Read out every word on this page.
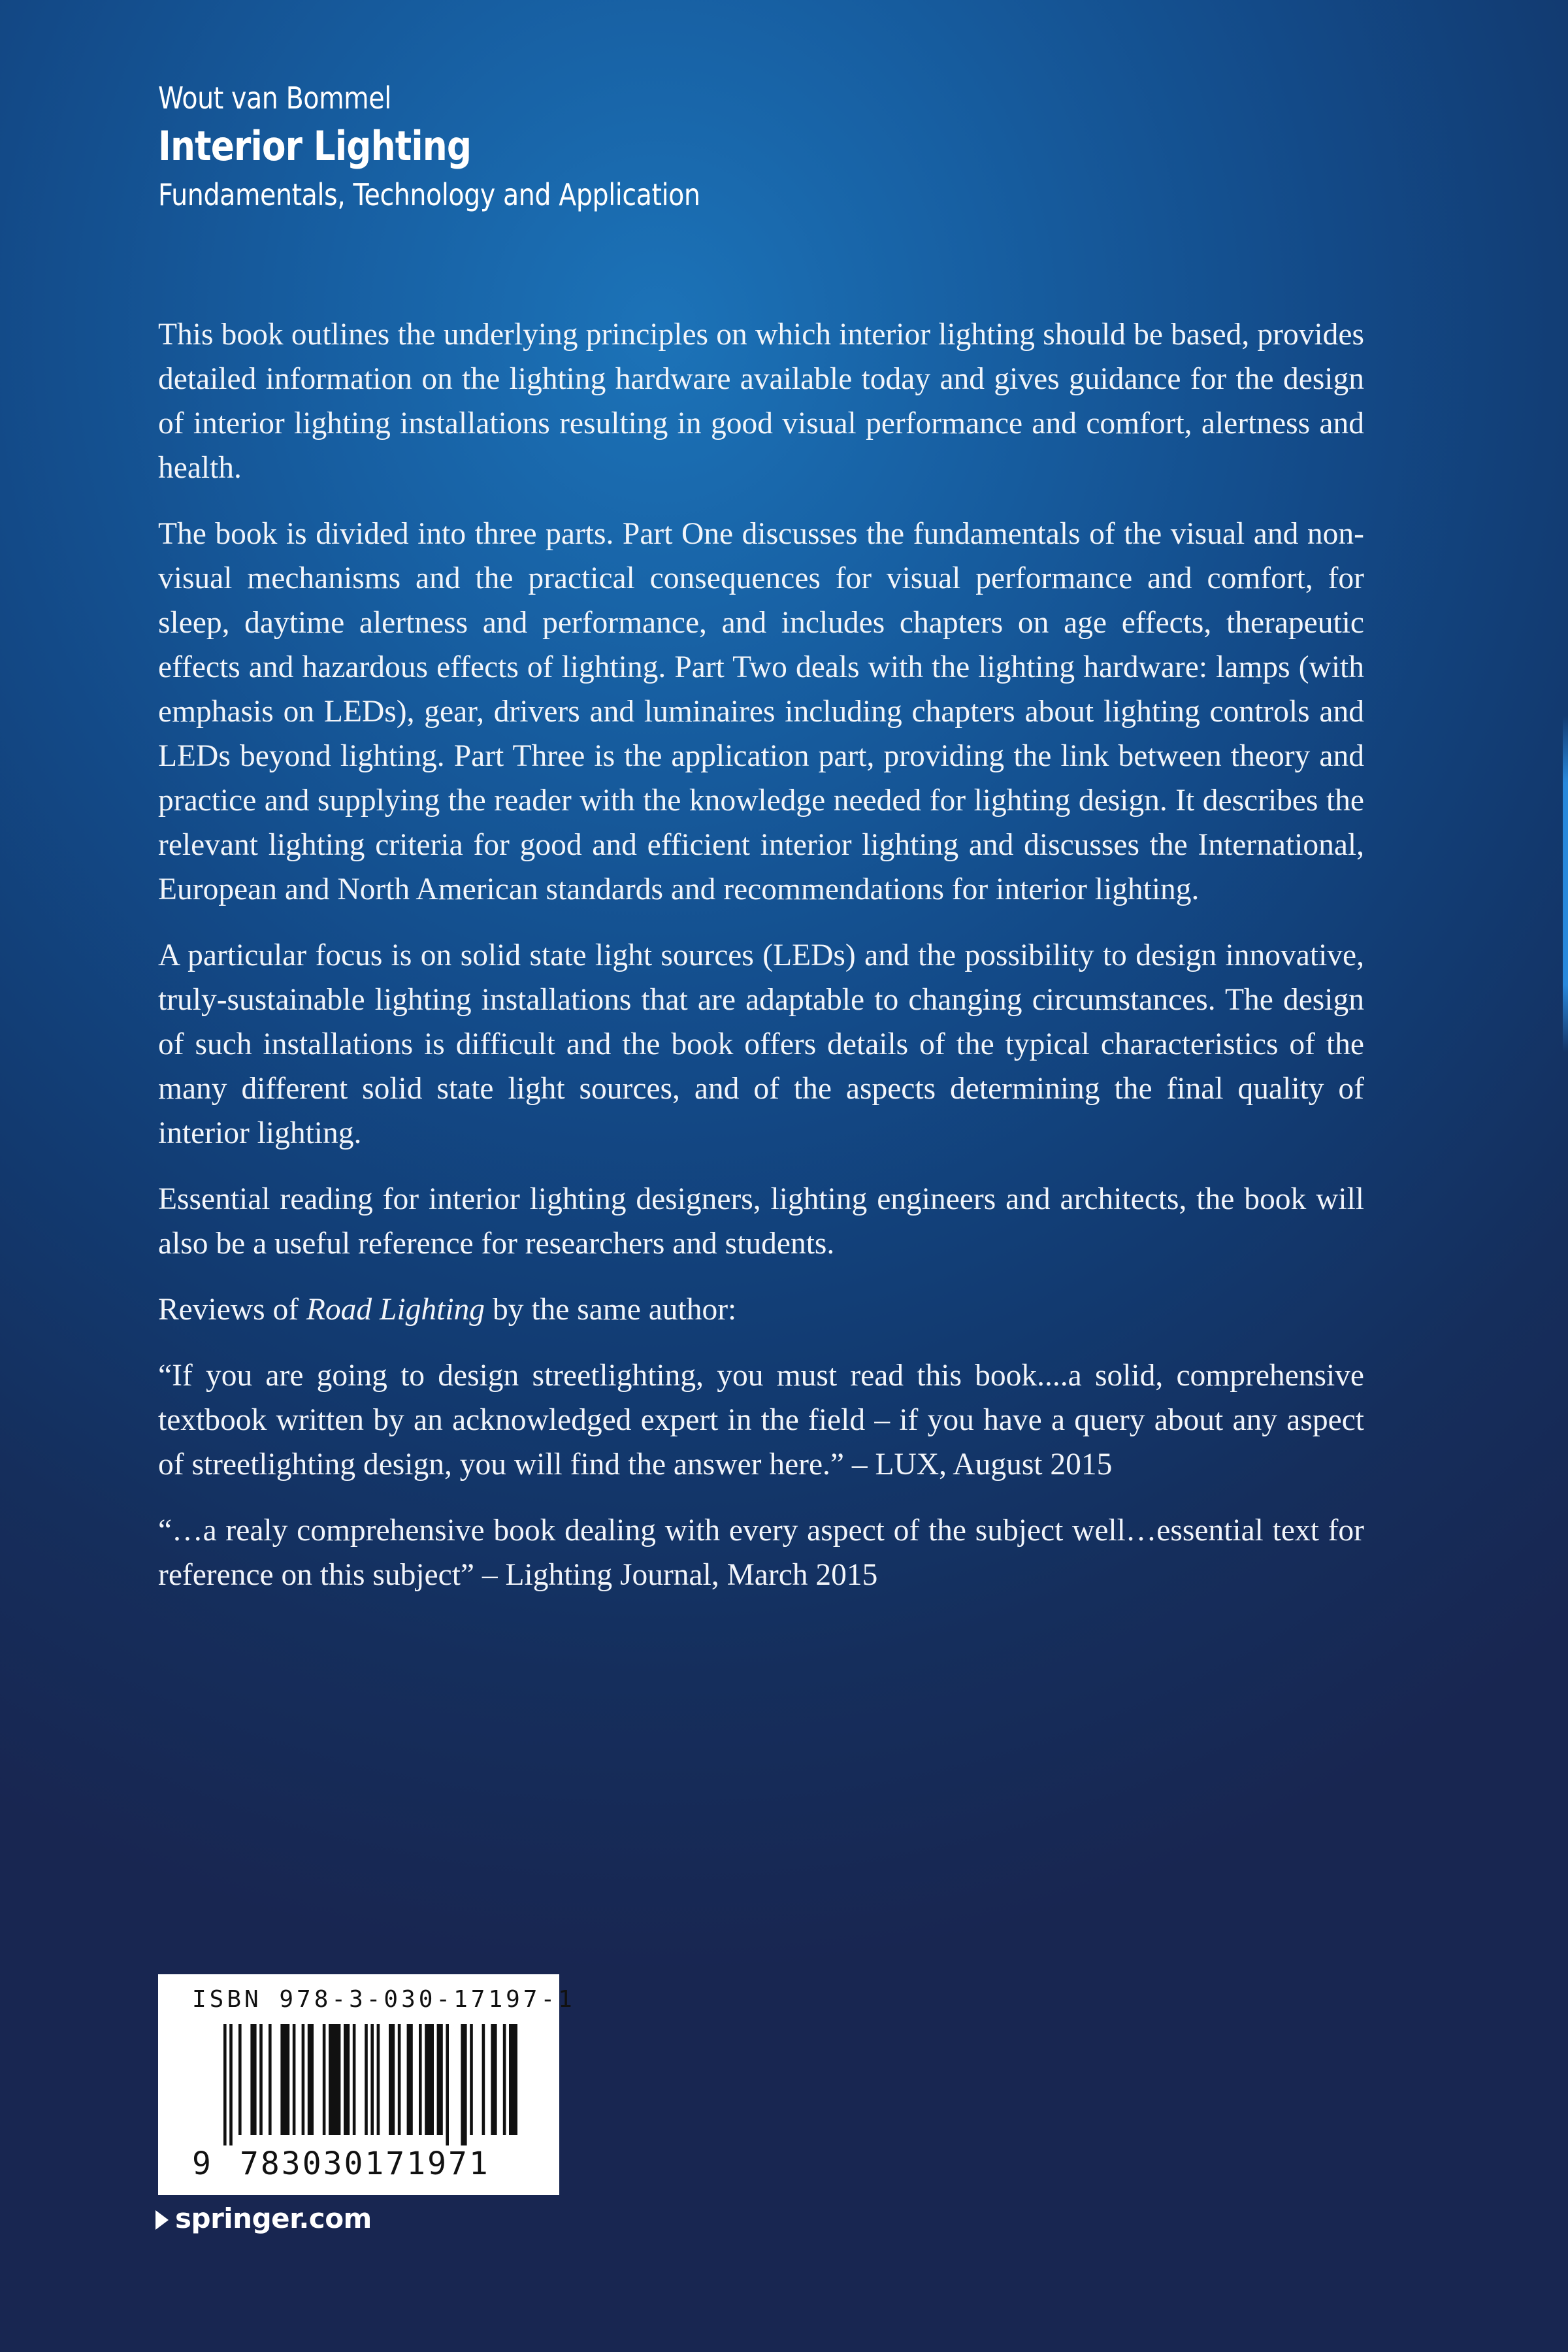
Wout van Bommel
Interior Lighting
Fundamentals, Technology and Application

This book outlines the underlying principles on which interior lighting should be based, provides detailed information on the lighting hardware available today and gives guidance for the design of interior lighting installations resulting in good visual performance and comfort, alertness and health.

The book is divided into three parts. Part One discusses the fundamentals of the visual and non-visual mechanisms and the practical consequences for visual performance and comfort, for sleep, daytime alertness and performance, and includes chapters on age effects, therapeutic effects and hazardous effects of lighting. Part Two deals with the lighting hardware: lamps (with emphasis on LEDs), gear, drivers and luminaires including chapters about lighting controls and LEDs beyond lighting. Part Three is the application part, providing the link between theory and practice and supplying the reader with the knowledge needed for lighting design. It describes the relevant lighting criteria for good and efficient interior lighting and discusses the International, European and North American standards and recommendations for interior lighting.

A particular focus is on solid state light sources (LEDs) and the possibility to design innovative, truly-sustainable lighting installations that are adaptable to changing circumstances. The design of such installations is difficult and the book offers details of the typical characteristics of the many different solid state light sources, and of the aspects determining the final quality of interior lighting.

Essential reading for interior lighting designers, lighting engineers and architects, the book will also be a useful reference for researchers and students.

Reviews of Road Lighting by the same author:

“If you are going to design streetlighting, you must read this book....a solid, comprehensive textbook written by an acknowledged expert in the field – if you have a query about any aspect of streetlighting design, you will find the answer here.” – LUX, August 2015

“…a realy comprehensive book dealing with every aspect of the subject well…essential text for reference on this subject” – Lighting Journal, March 2015

ISBN 978-3-030-17197-1
9 783030171971
springer.com
